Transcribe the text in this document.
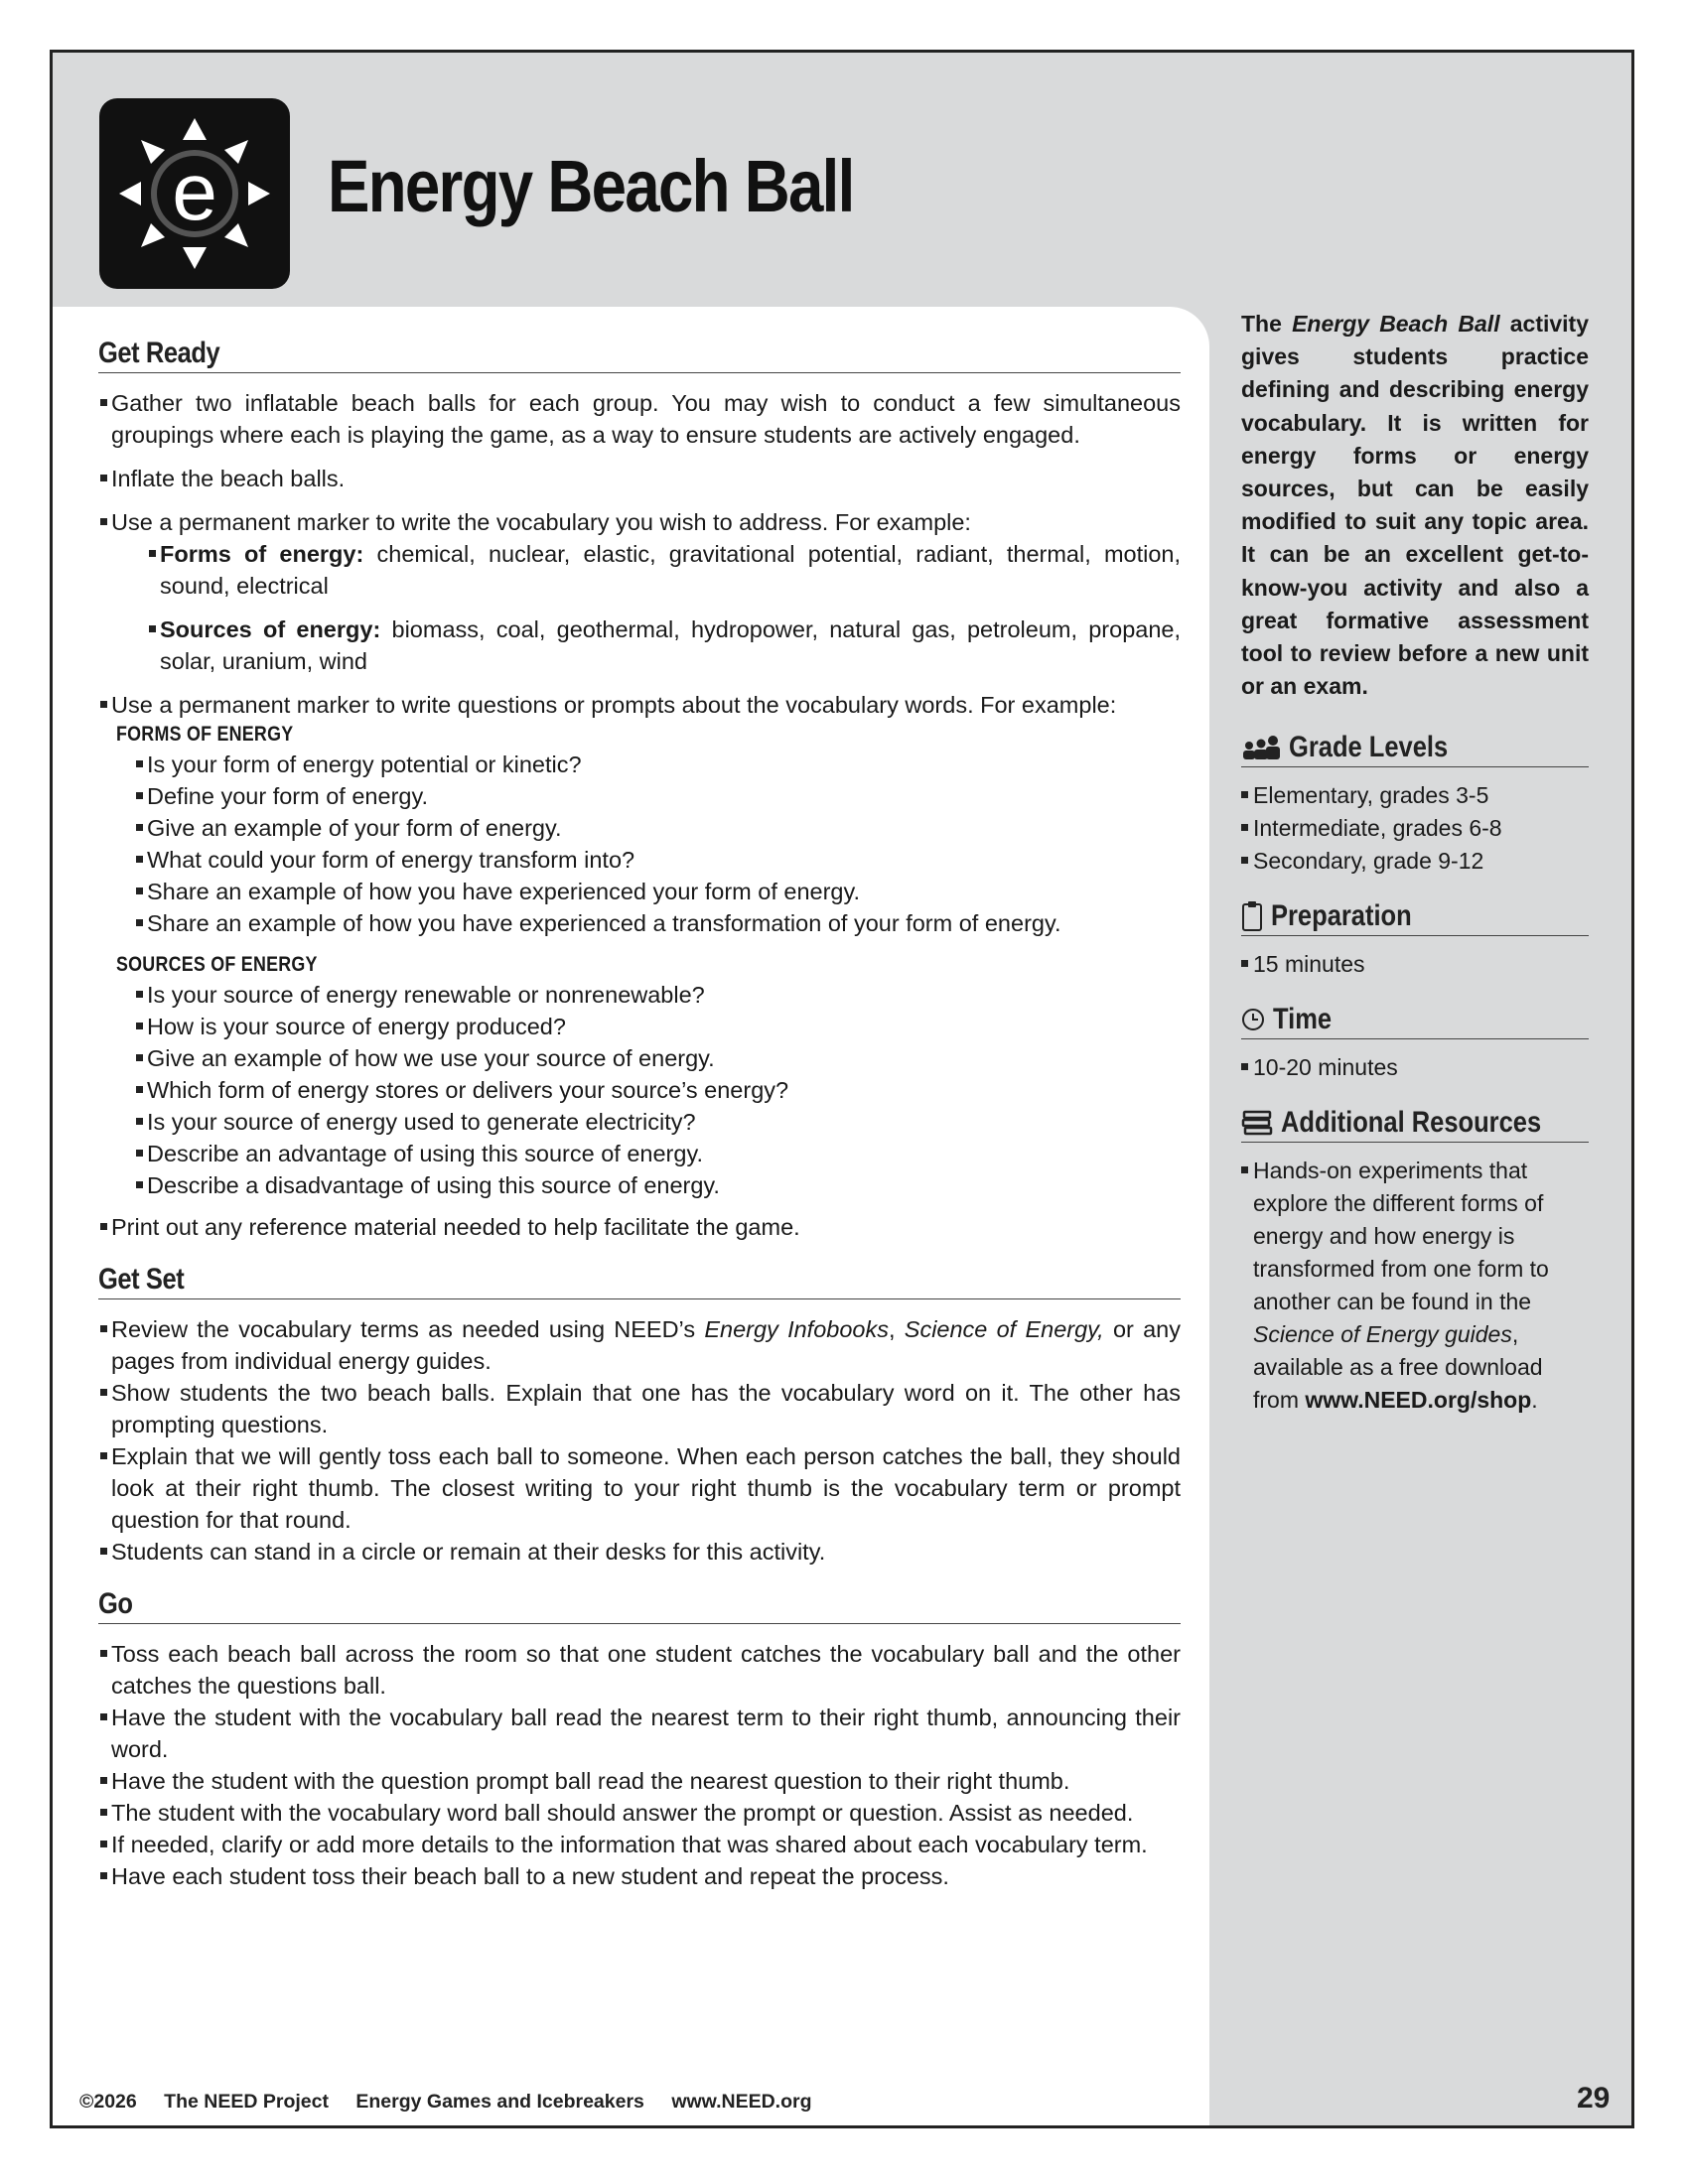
e Energy Beach Ball
Get Ready
Gather two inflatable beach balls for each group. You may wish to conduct a few simultaneous groupings where each is playing the game, as a way to ensure students are actively engaged.
Inflate the beach balls.
Use a permanent marker to write the vocabulary you wish to address. For example:
Forms of energy: chemical, nuclear, elastic, gravitational potential, radiant, thermal, motion, sound, electrical
Sources of energy: biomass, coal, geothermal, hydropower, natural gas, petroleum, propane, solar, uranium, wind
Use a permanent marker to write questions or prompts about the vocabulary words. For example:
FORMS OF ENERGY
Is your form of energy potential or kinetic?
Define your form of energy.
Give an example of your form of energy.
What could your form of energy transform into?
Share an example of how you have experienced your form of energy.
Share an example of how you have experienced a transformation of your form of energy.
SOURCES OF ENERGY
Is your source of energy renewable or nonrenewable?
How is your source of energy produced?
Give an example of how we use your source of energy.
Which form of energy stores or delivers your source’s energy?
Is your source of energy used to generate electricity?
Describe an advantage of using this source of energy.
Describe a disadvantage of using this source of energy.
Print out any reference material needed to help facilitate the game.
Get Set
Review the vocabulary terms as needed using NEED’s Energy Infobooks, Science of Energy, or any pages from individual energy guides.
Show students the two beach balls. Explain that one has the vocabulary word on it. The other has prompting questions.
Explain that we will gently toss each ball to someone. When each person catches the ball, they should look at their right thumb. The closest writing to your right thumb is the vocabulary term or prompt question for that round.
Students can stand in a circle or remain at their desks for this activity.
Go
Toss each beach ball across the room so that one student catches the vocabulary ball and the other catches the questions ball.
Have the student with the vocabulary ball read the nearest term to their right thumb, announcing their word.
Have the student with the question prompt ball read the nearest question to their right thumb.
The student with the vocabulary word ball should answer the prompt or question. Assist as needed.
If needed, clarify or add more details to the information that was shared about each vocabulary term.
Have each student toss their beach ball to a new student and repeat the process.
The Energy Beach Ball activity gives students practice defining and describing energy vocabulary. It is written for energy forms or energy sources, but can be easily modified to suit any topic area. It can be an excellent get-to-know-you activity and also a great formative assessment tool to review before a new unit or an exam.
Grade Levels
Elementary, grades 3-5
Intermediate, grades 6-8
Secondary, grade 9-12
Preparation
15 minutes
Time
10-20 minutes
Additional Resources
Hands-on experiments that explore the different forms of energy and how energy is transformed from one form to another can be found in the Science of Energy guides, available as a free download from www.NEED.org/shop.
©2026 The NEED Project Energy Games and Icebreakers www.NEED.org	29
